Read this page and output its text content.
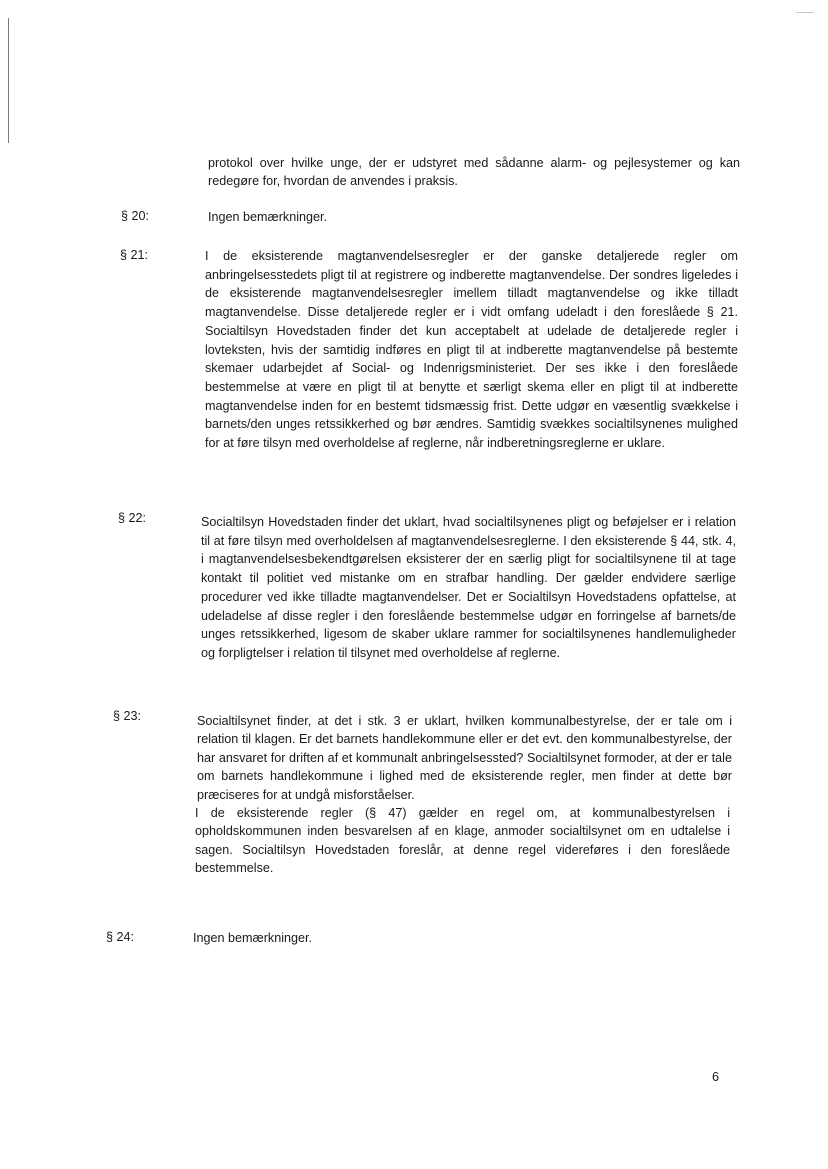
protokol over hvilke unge, der er udstyret med sådanne alarm- og pejlesystemer og kan redegøre for, hvordan de anvendes i praksis.

§ 20:	Ingen bemærkninger.

§ 21:	I de eksisterende magtanvendelsesregler er der ganske detaljerede regler om anbringelsesstedets pligt til at registrere og indberette magtanvendelse. Der sondres ligeledes i de eksisterende magtanvendelsesregler imellem tilladt magtanvendelse og ikke tilladt magtanvendelse. Disse detaljerede regler er i vidt omfang udeladt i den foreslåede § 21. Socialtilsyn Hovedstaden finder det kun acceptabelt at udelade de detaljerede regler i lovteksten, hvis der samtidig indføres en pligt til at indberette magtanvendelse på bestemte skemaer udarbejdet af Social- og Indenrigsministeriet. Der ses ikke i den foreslåede bestemmelse at være en pligt til at benytte et særligt skema eller en pligt til at indberette magtanvendelse inden for en bestemt tidsmæssig frist. Dette udgør en væsentlig svækkelse i barnets/den unges retssikkerhed og bør ændres. Samtidig svækkes socialtilsynenes mulighed for at føre tilsyn med overholdelse af reglerne, når indberetningsreglerne er uklare.

§ 22:	Socialtilsyn Hovedstaden finder det uklart, hvad socialtilsynenes pligt og beføjelser er i relation til at føre tilsyn med overholdelsen af magtanvendelsesreglerne. I den eksisterende § 44, stk. 4, i magtanvendelsesbekendtgørelsen eksisterer der en særlig pligt for socialtilsynene til at tage kontakt til politiet ved mistanke om en strafbar handling. Der gælder endvidere særlige procedurer ved ikke tilladte magtanvendelser. Det er Socialtilsyn Hovedstadens opfattelse, at udeladelse af disse regler i den foreslående bestemmelse udgør en forringelse af barnets/de unges retssikkerhed, ligesom de skaber uklare rammer for socialtilsynenes handlemuligheder og forpligtelser i relation til tilsynet med overholdelse af reglerne.

§ 23:	Socialtilsynet finder, at det i stk. 3 er uklart, hvilken kommunalbestyrelse, der er tale om i relation til klagen. Er det barnets handlekommune eller er det evt. den kommunalbestyrelse, der har ansvaret for driften af et kommunalt anbringelsessted? Socialtilsynet formoder, at der er tale om barnets handlekommune i lighed med de eksisterende regler, men finder at dette bør præciseres for at undgå misforståelser.

I de eksisterende regler (§ 47) gælder en regel om, at kommunalbestyrelsen i opholdskommunen inden besvarelsen af en klage, anmoder socialtilsynet om en udtalelse i sagen. Socialtilsyn Hovedstaden foreslår, at denne regel videreføres i den foreslåede bestemmelse.

§ 24:	Ingen bemærkninger.

6
